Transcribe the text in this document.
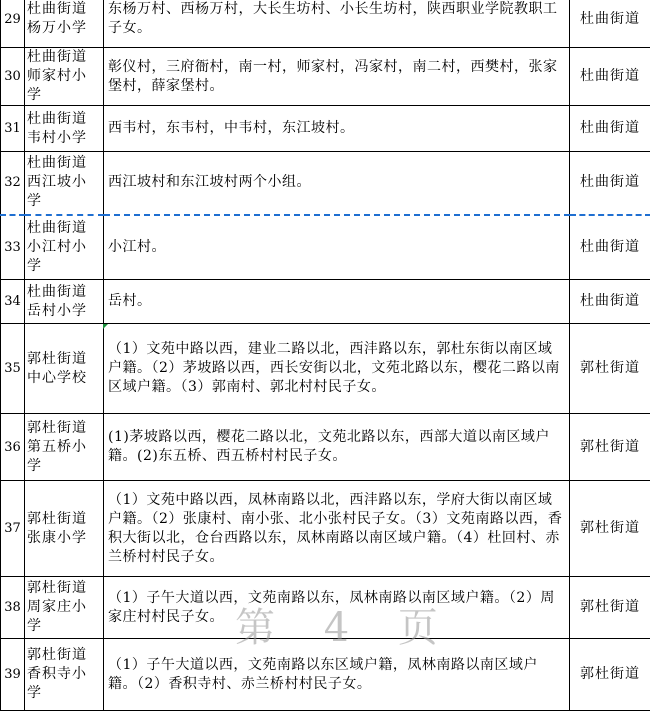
29	杜曲街道杨万小学	东杨万村、西杨万村，大长生坊村、小长生坊村，陕西职业学院教职工子女。	杜曲街道
30	杜曲街道师家村小学	彰仪村，三府衙村，南一村，师家村，冯家村，南二村，西樊村，张家堡村，薛家堡村。	杜曲街道
31	杜曲街道韦村小学	西韦村，东韦村，中韦村，东江坡村。	杜曲街道
32	杜曲街道西江坡小学	西江坡村和东江坡村两个小组。	杜曲街道
33	杜曲街道小江村小学	小江村。	杜曲街道
34	杜曲街道岳村小学	岳村。	杜曲街道
35	郭杜街道中心学校	（1）文苑中路以西，建业二路以北，西沣路以东，郭杜东街以南区域户籍。（2）茅坡路以西，西长安街以北，文苑北路以东，樱花二路以南区域户籍。（3）郭南村、郭北村村民子女。	郭杜街道
36	郭杜街道第五桥小学	(1)茅坡路以西，樱花二路以北，文苑北路以东，西部大道以南区域户籍。(2)东五桥、西五桥村村民子女。	郭杜街道
37	郭杜街道张康小学	（1）文苑中路以西，凤林南路以北，西沣路以东，学府大街以南区域户籍。（2）张康村、南小张、北小张村民子女。（3）文苑南路以西，香积大街以北，仓台西路以东，凤林南路以南区域户籍。（4）杜回村、赤兰桥村村民子女。	郭杜街道
38	郭杜街道周家庄小学	（1）子午大道以西，文苑南路以东，凤林南路以南区域户籍。（2）周家庄村村民子女。	郭杜街道
39	郭杜街道香积寺小学	（1）子午大道以西，文苑南路以东区域户籍，凤林南路以南区域户籍。（2）香积寺村、赤兰桥村村民子女。	郭杜街道
第 4 页
